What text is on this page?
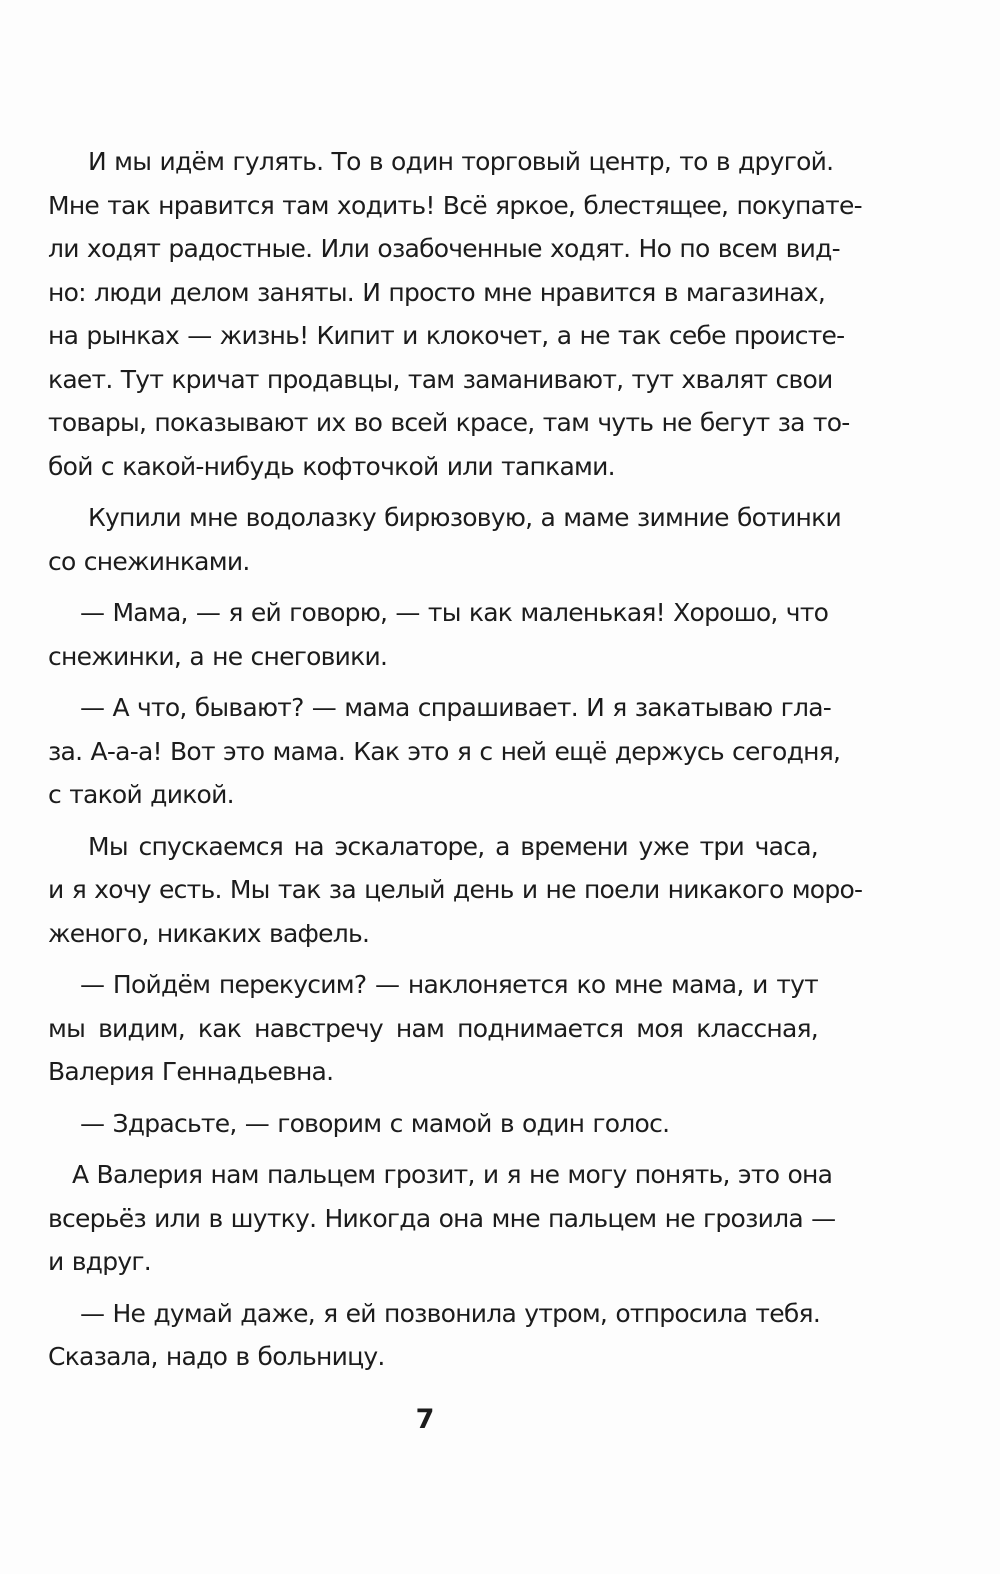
И мы идём гулять. То в один торговый центр, то в другой.
Мне так нравится там ходить! Всё яркое, блестящее, покупате-
ли ходят радостные. Или озабоченные ходят. Но по всем вид-
но: люди делом заняты. И просто мне нравится в магазинах,
на рынках — жизнь! Кипит и клокочет, а не так себе проистe-
кает. Тут кричат продавцы, там заманивают, тут хвалят свои
товары, показывают их во всей красе, там чуть не бегут за то-
бой с какой-нибудь кофточкой или тапками.
Купили мне водолазку бирюзовую, а маме зимние ботинки
со снежинками.
— Мама, — я ей говорю, — ты как маленькая! Хорошо, что
снежинки, а не снеговики.
— А что, бывают? — мама спрашивает. И я закатываю гла-
за. А-а-а! Вот это мама. Как это я с ней ещё держусь сегодня,
с такой дикой.
Мы спускаемся на эскалаторе, а времени уже три часа,
и я хочу есть. Мы так за целый день и не поели никакого моро-
женого, никаких вафель.
— Пойдём перекусим? — наклоняется ко мне мама, и тут
мы видим, как навстречу нам поднимается моя классная,
Валерия Геннадьевна.
— Здрасьте, — говорим с мамой в один голос.
А Валерия нам пальцем грозит, и я не могу понять, это она
всерьёз или в шутку. Никогда она мне пальцем не грозила —
и вдруг.
— Не думай даже, я ей позвонила утром, отпросила тебя.
Сказала, надо в больницу.
7
